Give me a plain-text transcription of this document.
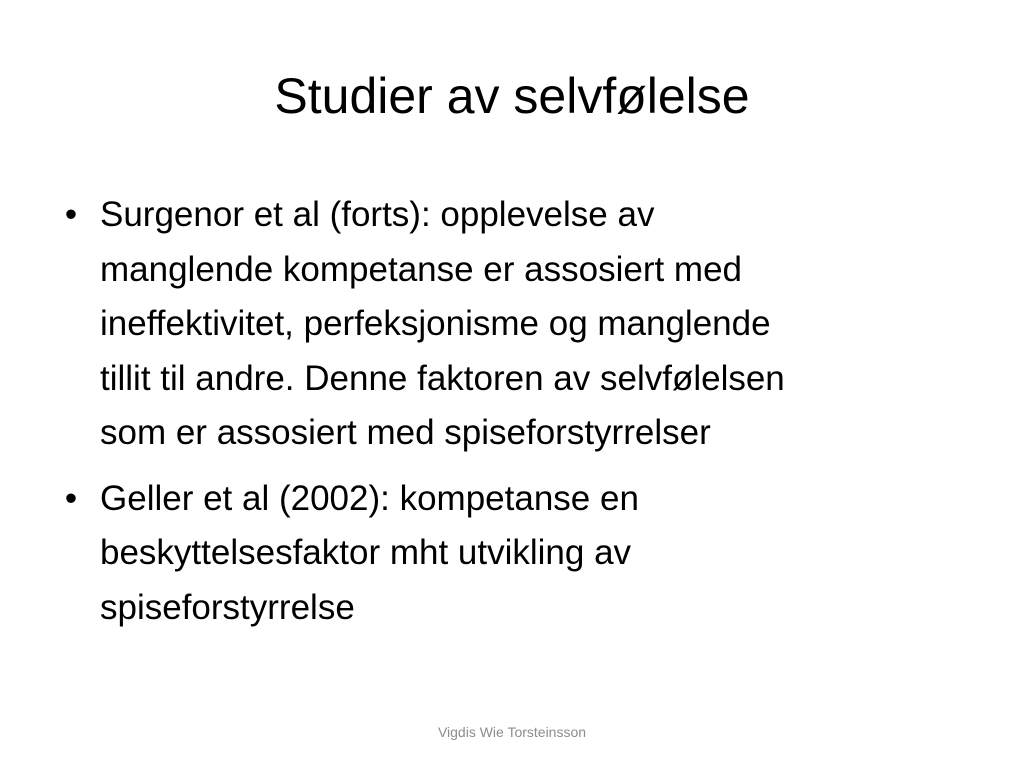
Studier av selvfølelse
• Surgenor et al (forts): opplevelse av
manglende kompetanse er assosiert med
ineffektivitet, perfeksjonisme og manglende
tillit til andre. Denne faktoren av selvfølelsen
som er assosiert med spiseforstyrrelser
• Geller et al (2002): kompetanse en
beskyttelsesfaktor mht utvikling av
spiseforstyrrelse
Vigdis Wie Torsteinsson
